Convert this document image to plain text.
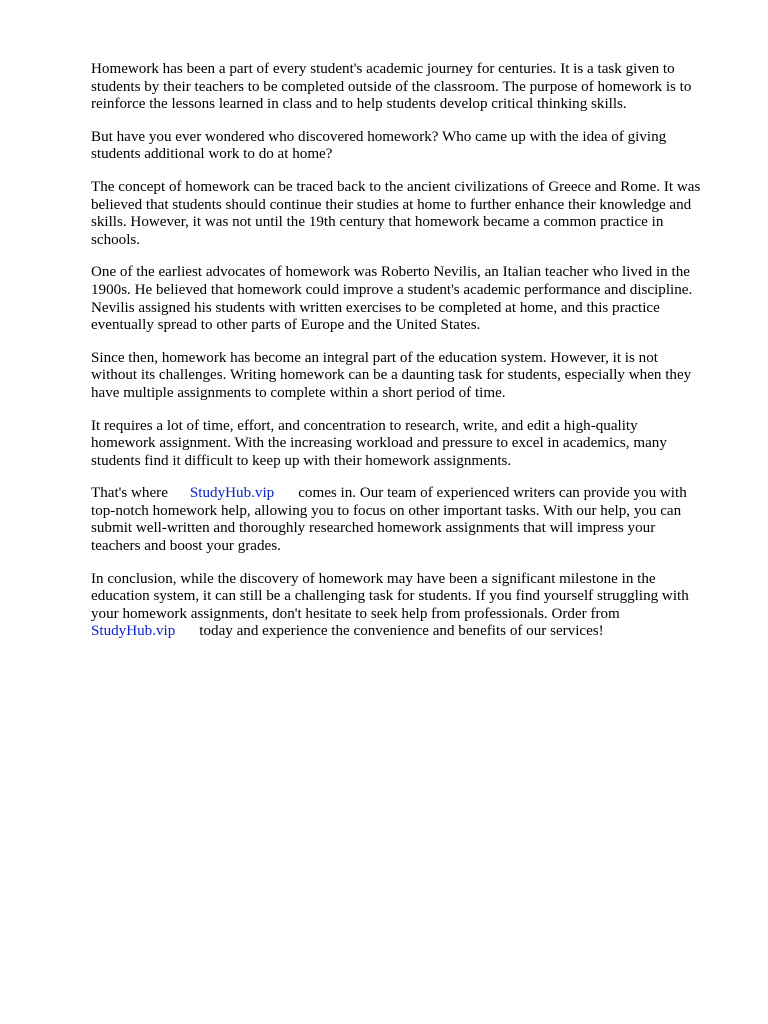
Homework has been a part of every student's academic journey for centuries. It is a task given to
students by their teachers to be completed outside of the classroom. The purpose of homework is to
reinforce the lessons learned in class and to help students develop critical thinking skills.

But have you ever wondered who discovered homework? Who came up with the idea of giving
students additional work to do at home?

The concept of homework can be traced back to the ancient civilizations of Greece and Rome. It was
believed that students should continue their studies at home to further enhance their knowledge and
skills. However, it was not until the 19th century that homework became a common practice in
schools.

One of the earliest advocates of homework was Roberto Nevilis, an Italian teacher who lived in the
1900s. He believed that homework could improve a student's academic performance and discipline.
Nevilis assigned his students with written exercises to be completed at home, and this practice
eventually spread to other parts of Europe and the United States.

Since then, homework has become an integral part of the education system. However, it is not
without its challenges. Writing homework can be a daunting task for students, especially when they
have multiple assignments to complete within a short period of time.

It requires a lot of time, effort, and concentration to research, write, and edit a high-quality
homework assignment. With the increasing workload and pressure to excel in academics, many
students find it difficult to keep up with their homework assignments.

That's where StudyHub.vip comes in. Our team of experienced writers can provide you with
top-notch homework help, allowing you to focus on other important tasks. With our help, you can
submit well-written and thoroughly researched homework assignments that will impress your
teachers and boost your grades.

In conclusion, while the discovery of homework may have been a significant milestone in the
education system, it can still be a challenging task for students. If you find yourself struggling with
your homework assignments, don't hesitate to seek help from professionals. Order from
StudyHub.vip today and experience the convenience and benefits of our services!
